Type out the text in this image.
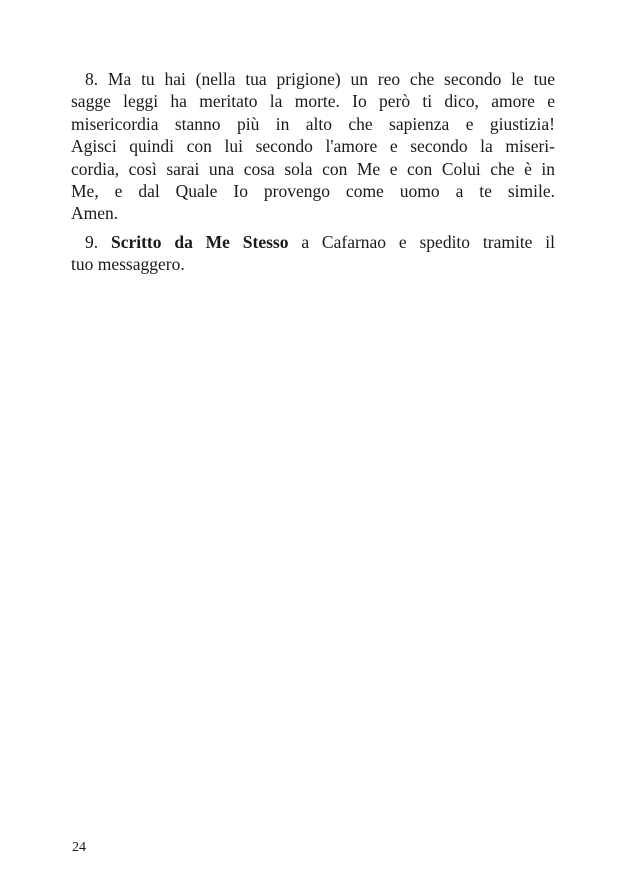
8. Ma tu hai (nella tua prigione) un reo che secondo le tue
sagge leggi ha meritato la morte. Io però ti dico, amore e
misericordia stanno più in alto che sapienza e giustizia!
Agisci quindi con lui secondo l'amore e secondo la miseri-
cordia, così sarai una cosa sola con Me e con Colui che è in
Me, e dal Quale Io provengo come uomo a te simile.
Amen.

9. Scritto da Me Stesso a Cafarnao e spedito tramite il
tuo messaggero.

24
